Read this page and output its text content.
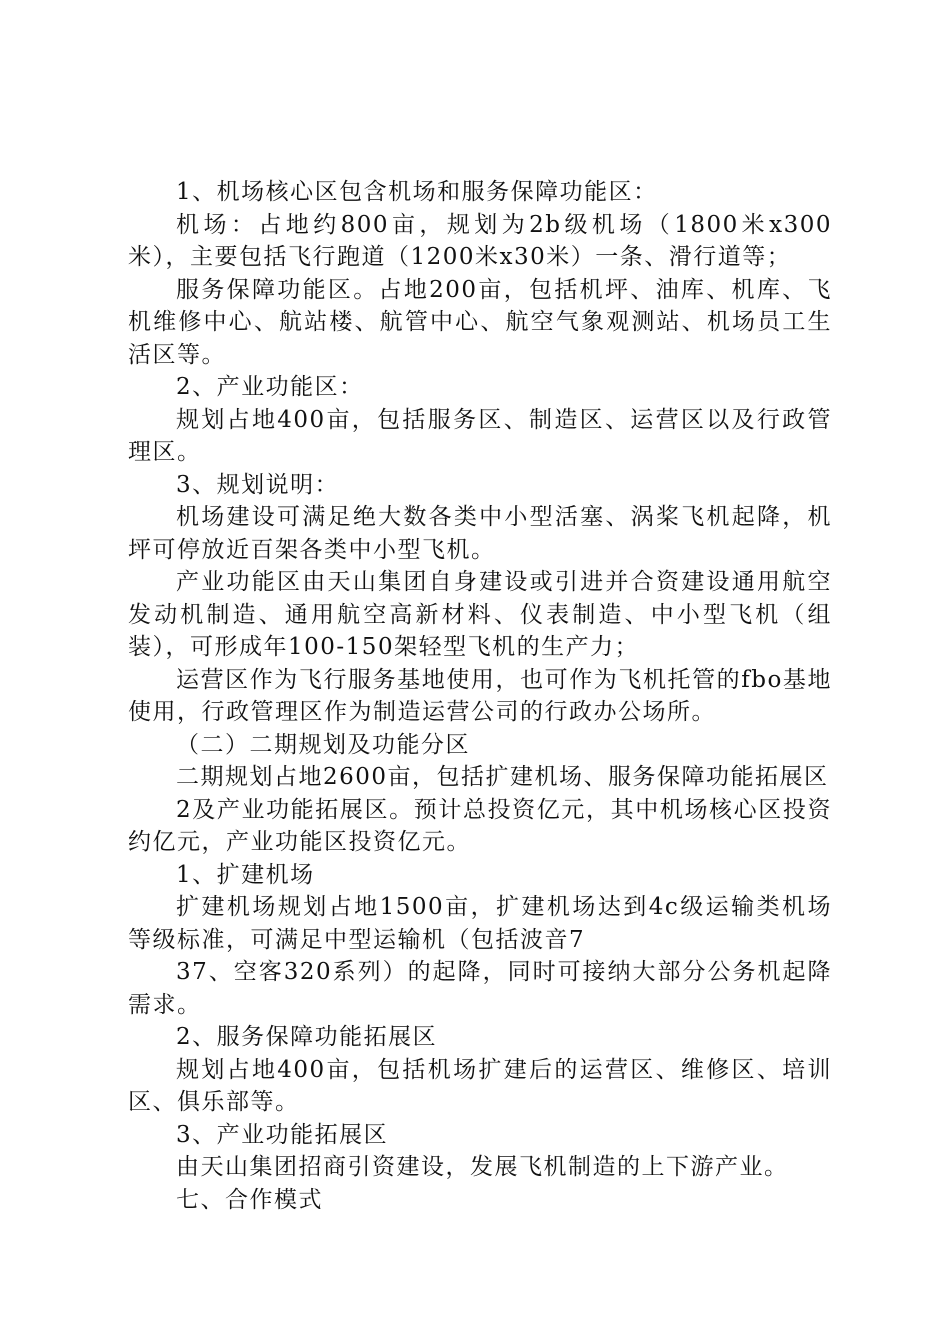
1、机场核心区包含机场和服务保障功能区：

机场：占地约800亩，规划为2b级机场（1800米x300米），主要包括飞行跑道（1200米x30米）一条、滑行道等；

服务保障功能区。占地200亩，包括机坪、油库、机库、飞机维修中心、航站楼、航管中心、航空气象观测站、机场员工生活区等。

2、产业功能区：

规划占地400亩，包括服务区、制造区、运营区以及行政管理区。

3、规划说明：

机场建设可满足绝大数各类中小型活塞、涡桨飞机起降，机坪可停放近百架各类中小型飞机。

产业功能区由天山集团自身建设或引进并合资建设通用航空发动机制造、通用航空高新材料、仪表制造、中小型飞机（组装），可形成年100-150架轻型飞机的生产力；

运营区作为飞行服务基地使用，也可作为飞机托管的fbo基地使用，行政管理区作为制造运营公司的行政办公场所。

（二）二期规划及功能分区

二期规划占地2600亩，包括扩建机场、服务保障功能拓展区

2及产业功能拓展区。预计总投资亿元，其中机场核心区投资约亿元，产业功能区投资亿元。

1、扩建机场

扩建机场规划占地1500亩，扩建机场达到4c级运输类机场等级标准，可满足中型运输机（包括波音7

37、空客320系列）的起降，同时可接纳大部分公务机起降需求。

2、服务保障功能拓展区

规划占地400亩，包括机场扩建后的运营区、维修区、培训区、俱乐部等。

3、产业功能拓展区

由天山集团招商引资建设，发展飞机制造的上下游产业。

七、合作模式
